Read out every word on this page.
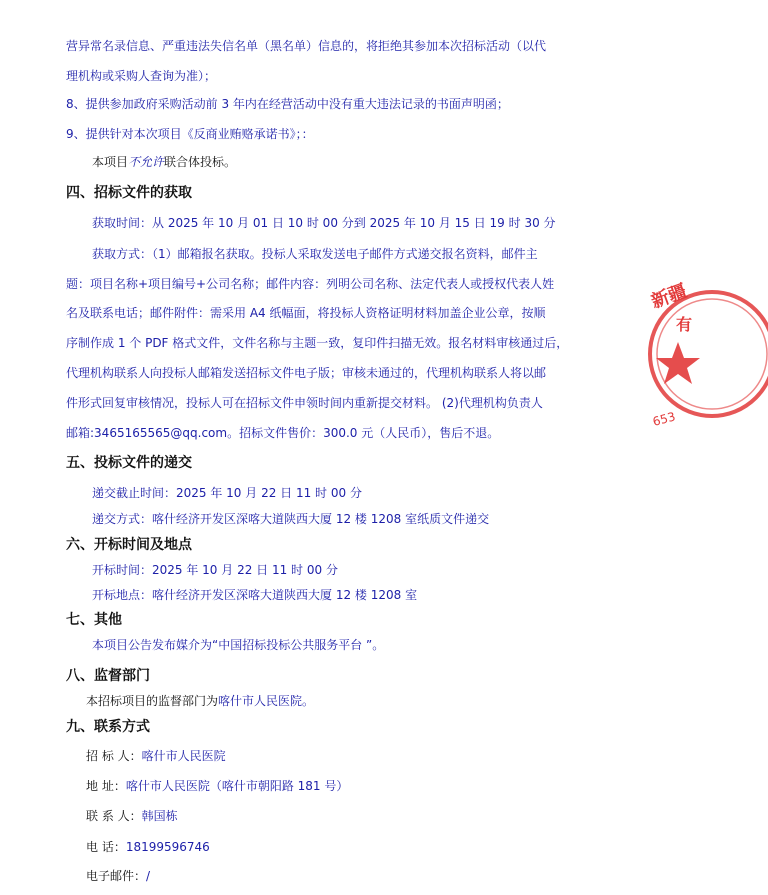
营异常名录信息、严重违法失信名单（黑名单）信息的，将拒绝其参加本次招标活动（以代
理机构或采购人查询为准）；
8、提供参加政府采购活动前 3 年内在经营活动中没有重大违法记录的书面声明函；
9、提供针对本次项目《反商业贿赂承诺书》；：
本项目不允许联合体投标。
四、招标文件的获取
获取时间：从 2025 年 10 月 01 日 10 时 00 分到 2025 年 10 月 15 日 19 时 30 分
获取方式：（1）邮箱报名获取。投标人采取发送电子邮件方式递交报名资料，邮件主
题：项目名称+项目编号+公司名称；邮件内容：列明公司名称、法定代表人或授权代表人姓
名及联系电话；邮件附件：需采用 A4 纸幅面，将投标人资格证明材料加盖企业公章，按顺
序制作成 1 个 PDF 格式文件，文件名称与主题一致，复印件扫描无效。报名材料审核通过后，
代理机构联系人向投标人邮箱发送招标文件电子版；审核未通过的，代理机构联系人将以邮
件形式回复审核情况，投标人可在招标文件申领时间内重新提交材料。 (2)代理机构负责人
邮箱:3465165565@qq.com。招标文件售价：300.0 元（人民币），售后不退。
五、投标文件的递交
递交截止时间：2025 年 10 月 22 日 11 时 00 分
递交方式：喀什经济开发区深喀大道陕西大厦 12 楼 1208 室纸质文件递交
六、开标时间及地点
开标时间：2025 年 10 月 22 日 11 时 00 分
开标地点：喀什经济开发区深喀大道陕西大厦 12 楼 1208 室
七、其他
本项目公告发布媒介为“中国招标投标公共服务平台 ”。
八、监督部门
本招标项目的监督部门为喀什市人民医院。
九、联系方式
招 标 人：喀什市人民医院
地 址：喀什市人民医院（喀什市朝阳路 181 号）
联 系 人：韩国栋
电 话：18199596746
电子邮件：/
新疆
有
653
